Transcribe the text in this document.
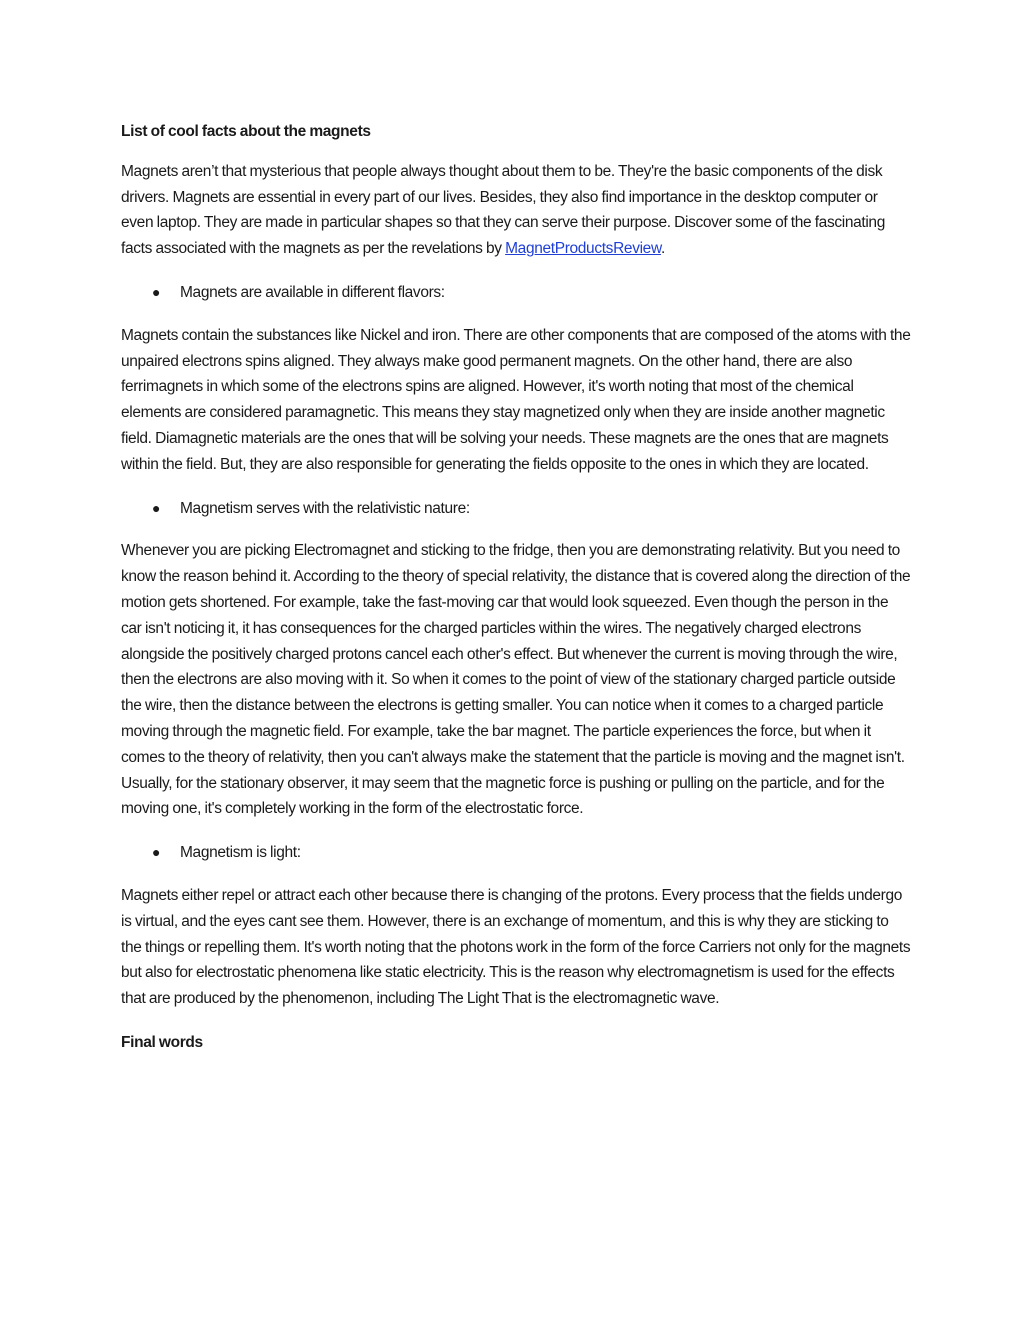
List of cool facts about the magnets

Magnets aren’t that mysterious that people always thought about them to be. They're the basic components of the disk drivers. Magnets are essential in every part of our lives. Besides, they also find importance in the desktop computer or even laptop. They are made in particular shapes so that they can serve their purpose. Discover some of the fascinating facts associated with the magnets as per the revelations by MagnetProductsReview.

● Magnets are available in different flavors:

Magnets contain the substances like Nickel and iron. There are other components that are composed of the atoms with the unpaired electrons spins aligned. They always make good permanent magnets. On the other hand, there are also ferrimagnets in which some of the electrons spins are aligned. However, it's worth noting that most of the chemical elements are considered paramagnetic. This means they stay magnetized only when they are inside another magnetic field. Diamagnetic materials are the ones that will be solving your needs. These magnets are the ones that are magnets within the field. But, they are also responsible for generating the fields opposite to the ones in which they are located.

● Magnetism serves with the relativistic nature:

Whenever you are picking Electromagnet and sticking to the fridge, then you are demonstrating relativity. But you need to know the reason behind it. According to the theory of special relativity, the distance that is covered along the direction of the motion gets shortened. For example, take the fast-moving car that would look squeezed. Even though the person in the car isn't noticing it, it has consequences for the charged particles within the wires. The negatively charged electrons alongside the positively charged protons cancel each other's effect. But whenever the current is moving through the wire, then the electrons are also moving with it. So when it comes to the point of view of the stationary charged particle outside the wire, then the distance between the electrons is getting smaller. You can notice when it comes to a charged particle moving through the magnetic field. For example, take the bar magnet. The particle experiences the force, but when it comes to the theory of relativity, then you can't always make the statement that the particle is moving and the magnet isn't. Usually, for the stationary observer, it may seem that the magnetic force is pushing or pulling on the particle, and for the moving one, it's completely working in the form of the electrostatic force.

● Magnetism is light:

Magnets either repel or attract each other because there is changing of the protons. Every process that the fields undergo is virtual, and the eyes cant see them. However, there is an exchange of momentum, and this is why they are sticking to the things or repelling them. It's worth noting that the photons work in the form of the force Carriers not only for the magnets but also for electrostatic phenomena like static electricity. This is the reason why electromagnetism is used for the effects that are produced by the phenomenon, including The Light That is the electromagnetic wave.

Final words
